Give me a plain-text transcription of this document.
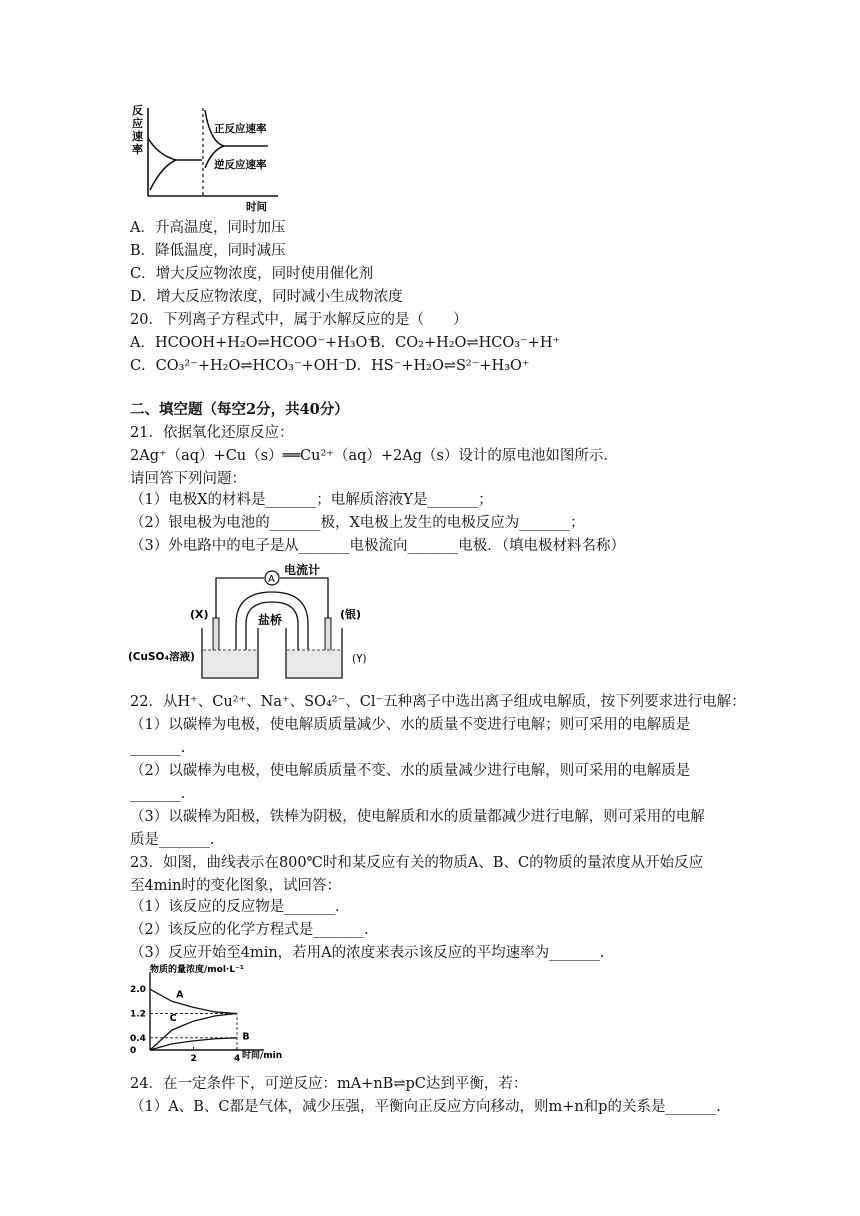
反
应
速
率
正反应速率
逆反应速率
时间
A．升高温度，同时加压
B．降低温度，同时减压
C．增大反应物浓度，同时使用催化剂
D．增大反应物浓度，同时减小生成物浓度
20．下列离子方程式中，属于水解反应的是（　　）
A．HCOOH+H₂O⇌HCOO⁻+H₃O⁺
B．CO₂+H₂O⇌HCO₃⁻+H⁺
C．CO₃²⁻+H₂O⇌HCO₃⁻+OH⁻ D．HS⁻+H₂O⇌S²⁻+H₃O⁺
二、填空题（每空2分，共40分）
21．依据氧化还原反应：
2Ag⁺（aq）+Cu（s）══Cu²⁺（aq）+2Ag（s）设计的原电池如图所示．
请回答下列问题：
（1）电极X的材料是_______；电解质溶液Y是_______；
（2）银电极为电池的_______极，X电极上发生的电极反应为_______；
（3）外电路中的电子是从_______电极流向_______电极．（填电极材料名称）
A
电流计
盐桥
(X)	(银)
(CuSO₄溶液)	(Y)
22．从H⁺、Cu²⁺、Na⁺、SO₄²⁻、Cl⁻五种离子中选出离子组成电解质，按下列要求进行电解：
（1）以碳棒为电极，使电解质质量减少、水的质量不变进行电解；则可采用的电解质是
_______.
（2）以碳棒为电极，使电解质质量不变、水的质量减少进行电解，则可采用的电解质是
_______.
（3）以碳棒为阳极，铁棒为阴极，使电解质和水的质量都减少进行电解，则可采用的电解
质是_______.
23．如图，曲线表示在800℃时和某反应有关的物质A、B、C的物质的量浓度从开始反应
至4min时的变化图象，试回答：
（1）该反应的反应物是_______.
（2）该反应的化学方程式是_______.
（3）反应开始至4min，若用A的浓度来表示该反应的平均速率为_______.
物质的量浓度/mol·L⁻¹
时间/min
2.0
1.2
0.4
0
2	4
A
C
B
24．在一定条件下，可逆反应：mA+nB⇌pC达到平衡，若：
（1）A、B、C都是气体，减少压强，平衡向正反应方向移动，则m+n和p的关系是_______.
